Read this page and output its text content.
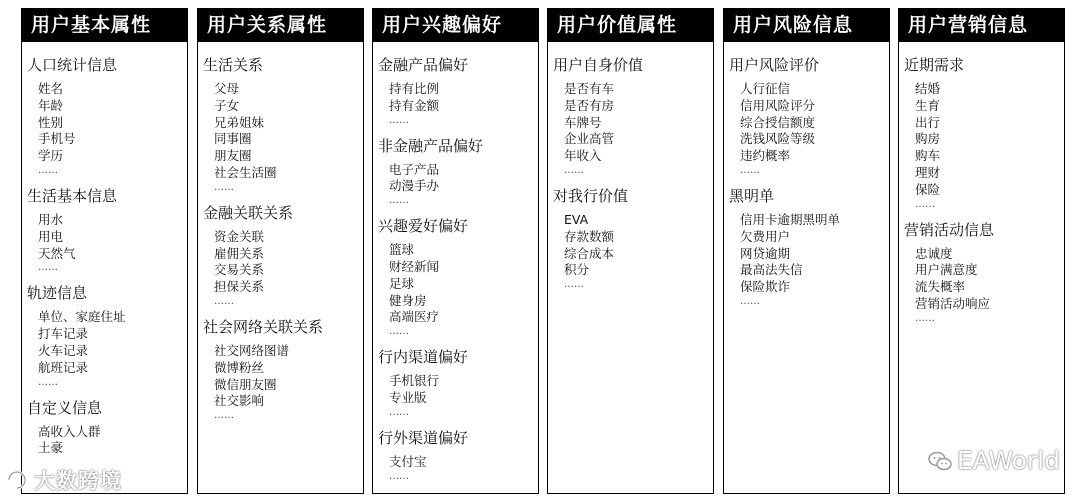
用户基本属性
人口统计信息
姓名
年龄
性别
手机号
学历
……
生活基本信息
用水
用电
天然气
……
轨迹信息
单位、家庭住址
打车记录
火车记录
航班记录
……
自定义信息
高收入人群
土豪
用户关系属性
生活关系
父母
子女
兄弟姐妹
同事圈
朋友圈
社会生活圈
……
金融关联关系
资金关联
雇佣关系
交易关系
担保关系
……
社会网络关联关系
社交网络图谱
微博粉丝
微信朋友圈
社交影响
……
用户兴趣偏好
金融产品偏好
持有比例
持有金额
……
非金融产品偏好
电子产品
动漫手办
……
兴趣爱好偏好
篮球
财经新闻
足球
健身房
高端医疗
……
行内渠道偏好
手机银行
专业版
……
行外渠道偏好
支付宝
……
用户价值属性
用户自身价值
是否有车
是否有房
车牌号
企业高管
年收入
……
对我行价值
EVA
存款数额
综合成本
积分
……
用户风险信息
用户风险评价
人行征信
信用风险评分
综合授信额度
洗钱风险等级
违约概率
……
黑明单
信用卡逾期黑明单
欠费用户
网贷逾期
最高法失信
保险欺诈
……
用户营销信息
近期需求
结婚
生育
出行
购房
购车
理财
保险
……
营销活动信息
忠诚度
用户满意度
流失概率
营销活动响应
……
大数跨境
EAWorld
